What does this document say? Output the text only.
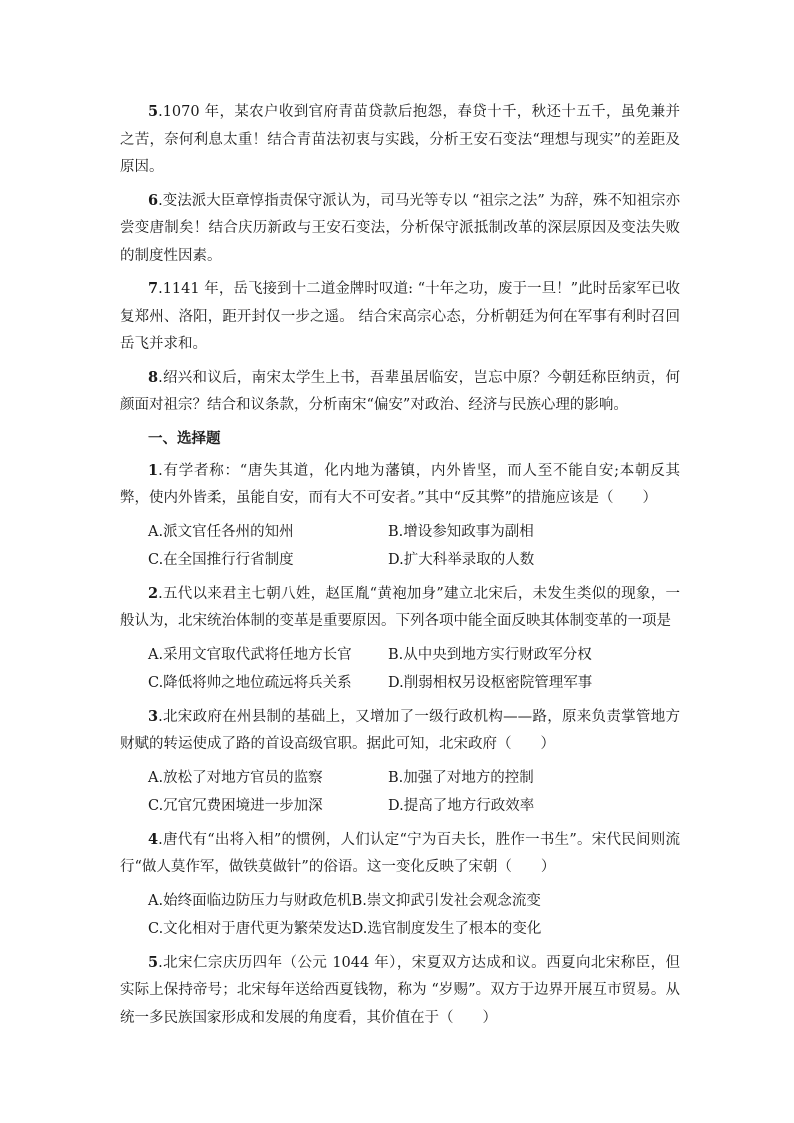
5.1070 年，某农户收到官府青苗贷款后抱怨，春贷十千，秋还十五千，虽免兼并之苦，奈何利息太重！结合青苗法初衷与实践，分析王安石变法“理想与现实”的差距及原因。

6.变法派大臣章惇指责保守派认为，司马光等专以 “祖宗之法” 为辞，殊不知祖宗亦尝变唐制矣！结合庆历新政与王安石变法，分析保守派抵制改革的深层原因及变法失败的制度性因素。

7.1141 年，岳飞接到十二道金牌时叹道: “十年之功，废于一旦！”此时岳家军已收复郑州、洛阳，距开封仅一步之遥。 结合宋高宗心态，分析朝廷为何在军事有利时召回岳飞并求和。

8.绍兴和议后，南宋太学生上书，吾辈虽居临安，岂忘中原？今朝廷称臣纳贡，何颜面对祖宗？结合和议条款，分析南宋“偏安”对政治、经济与民族心理的影响。

一、选择题

1.有学者称：“唐失其道，化内地为藩镇，内外皆坚，而人至不能自安;本朝反其弊，使内外皆柔，虽能自安，而有大不可安者。”其中“反其弊”的措施应该是（　　）

A.派文官任各州的知州	B.增设参知政事为副相
C.在全国推行行省制度	D.扩大科举录取的人数

2.五代以来君主七朝八姓，赵匡胤“黄袍加身”建立北宋后，未发生类似的现象，一般认为，北宋统治体制的变革是重要原因。下列各项中能全面反映其体制变革的一项是

A.采用文官取代武将任地方长官	B.从中央到地方实行财政军分权
C.降低将帅之地位疏远将兵关系	D.削弱相权另设枢密院管理军事

3.北宋政府在州县制的基础上，又增加了一级行政机构——路，原来负责掌管地方财赋的转运使成了路的首设高级官职。据此可知，北宋政府（　　）

A.放松了对地方官员的监察	B.加强了对地方的控制
C.冗官冗费困境进一步加深	D.提高了地方行政效率

4.唐代有“出将入相”的惯例，人们认定“宁为百夫长，胜作一书生”。宋代民间则流行“做人莫作军，做铁莫做针”的俗语。这一变化反映了宋朝（　　）

A.始终面临边防压力与财政危机B.崇文抑武引发社会观念流变
C.文化相对于唐代更为繁荣发达D.选官制度发生了根本的变化

5.北宋仁宗庆历四年（公元 1044 年），宋夏双方达成和议。西夏向北宋称臣，但实际上保持帝号；北宋每年送给西夏钱物，称为 “岁赐”。双方于边界开展互市贸易。从统一多民族国家形成和发展的角度看，其价值在于（　　）
